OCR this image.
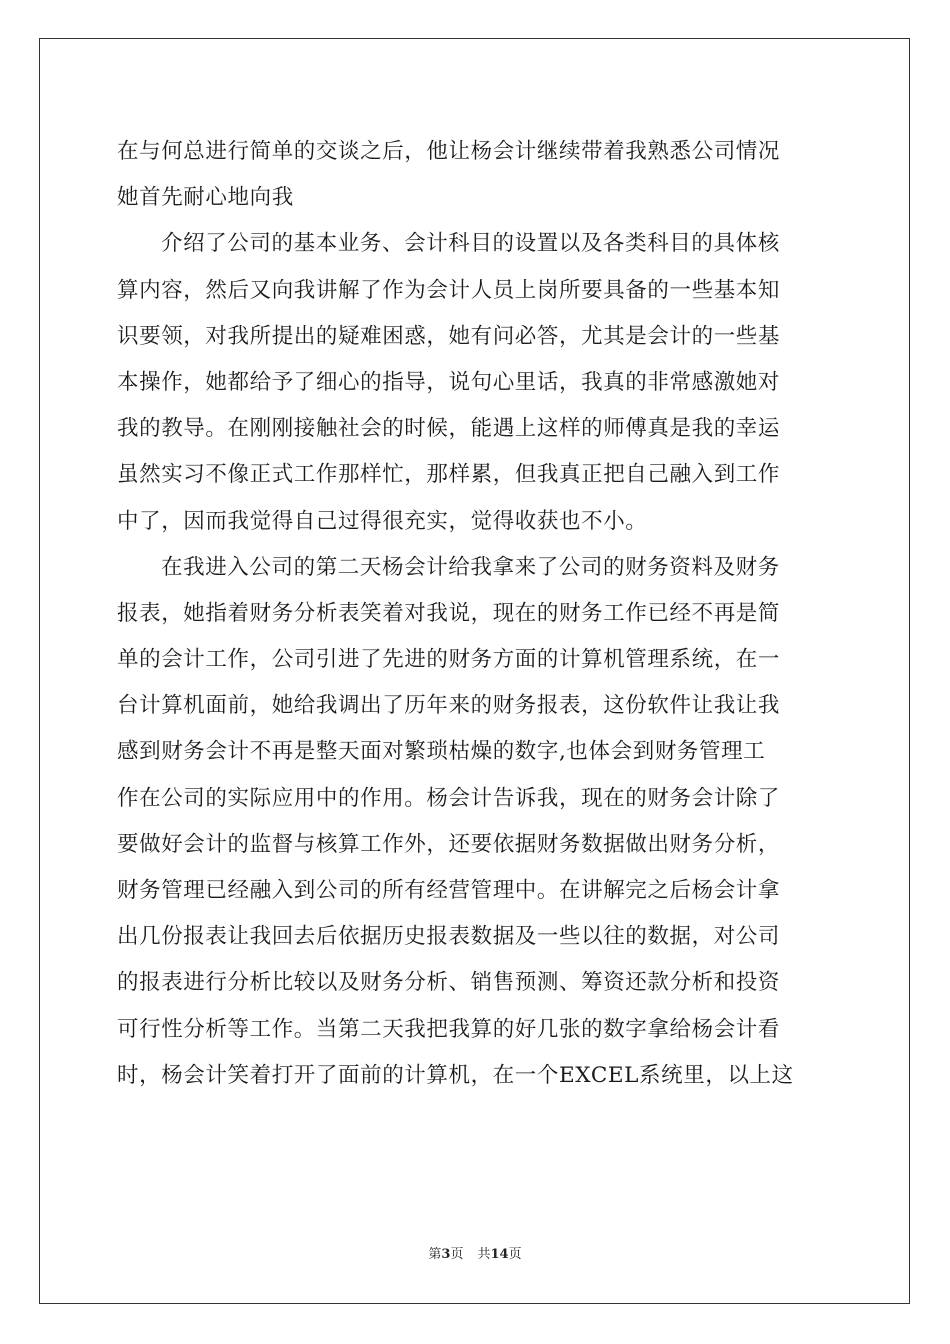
在与何总进行简单的交谈之后，他让杨会计继续带着我熟悉公司情况
她首先耐心地向我
介绍了公司的基本业务、会计科目的设置以及各类科目的具体核
算内容，然后又向我讲解了作为会计人员上岗所要具备的一些基本知
识要领，对我所提出的疑难困惑，她有问必答，尤其是会计的一些基
本操作，她都给予了细心的指导，说句心里话，我真的非常感激她对
我的教导。在刚刚接触社会的时候，能遇上这样的师傅真是我的幸运
虽然实习不像正式工作那样忙，那样累，但我真正把自己融入到工作
中了，因而我觉得自己过得很充实，觉得收获也不小。
在我进入公司的第二天杨会计给我拿来了公司的财务资料及财务
报表，她指着财务分析表笑着对我说，现在的财务工作已经不再是简
单的会计工作，公司引进了先进的财务方面的计算机管理系统，在一
台计算机面前，她给我调出了历年来的财务报表，这份软件让我让我
感到财务会计不再是整天面对繁琐枯燥的数字,也体会到财务管理工
作在公司的实际应用中的作用。杨会计告诉我，现在的财务会计除了
要做好会计的监督与核算工作外，还要依据财务数据做出财务分析，
财务管理已经融入到公司的所有经营管理中。在讲解完之后杨会计拿
出几份报表让我回去后依据历史报表数据及一些以往的数据，对公司
的报表进行分析比较以及财务分析、销售预测、筹资还款分析和投资
可行性分析等工作。当第二天我把我算的好几张的数字拿给杨会计看
时，杨会计笑着打开了面前的计算机，在一个EXCEL系统里，以上这
第3页 共14页
